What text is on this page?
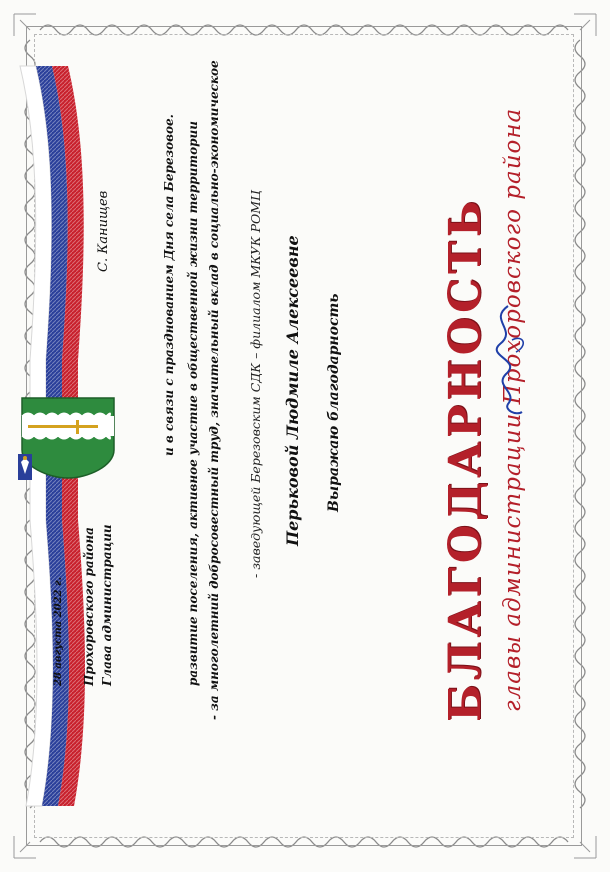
БЛАГОДАРНОСТЬ главы администрации Прохоровского района
Выражаю благодарность
Перьковой Людмиле Алексеевне
- заведующей Березовским СДК – филиалом МКУК РОМЦ
- за многолетний добросовестный труд, значительный вклад в социально-экономическое
развитие поселения, активное участие в общественной жизни территории
и в связи с празднованием Дня села Березовое.
Глава администрации
Прохоровского района
С. Канищев
28 августа 2022 г.
